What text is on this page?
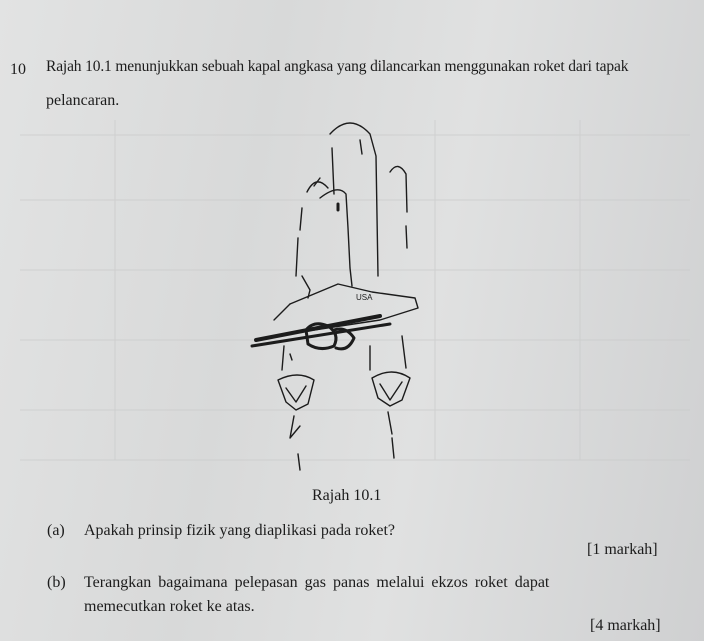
10 Rajah 10.1 menunjukkan sebuah kapal angkasa yang dilancarkan menggunakan roket dari tapak
pelancaran.
USA
Rajah 10.1
(a) Apakah prinsip fizik yang diaplikasi pada roket?
[1 markah]
(b) Terangkan bagaimana pelepasan gas panas melalui ekzos roket dapat
memecutkan roket ke atas.
[4 markah]
